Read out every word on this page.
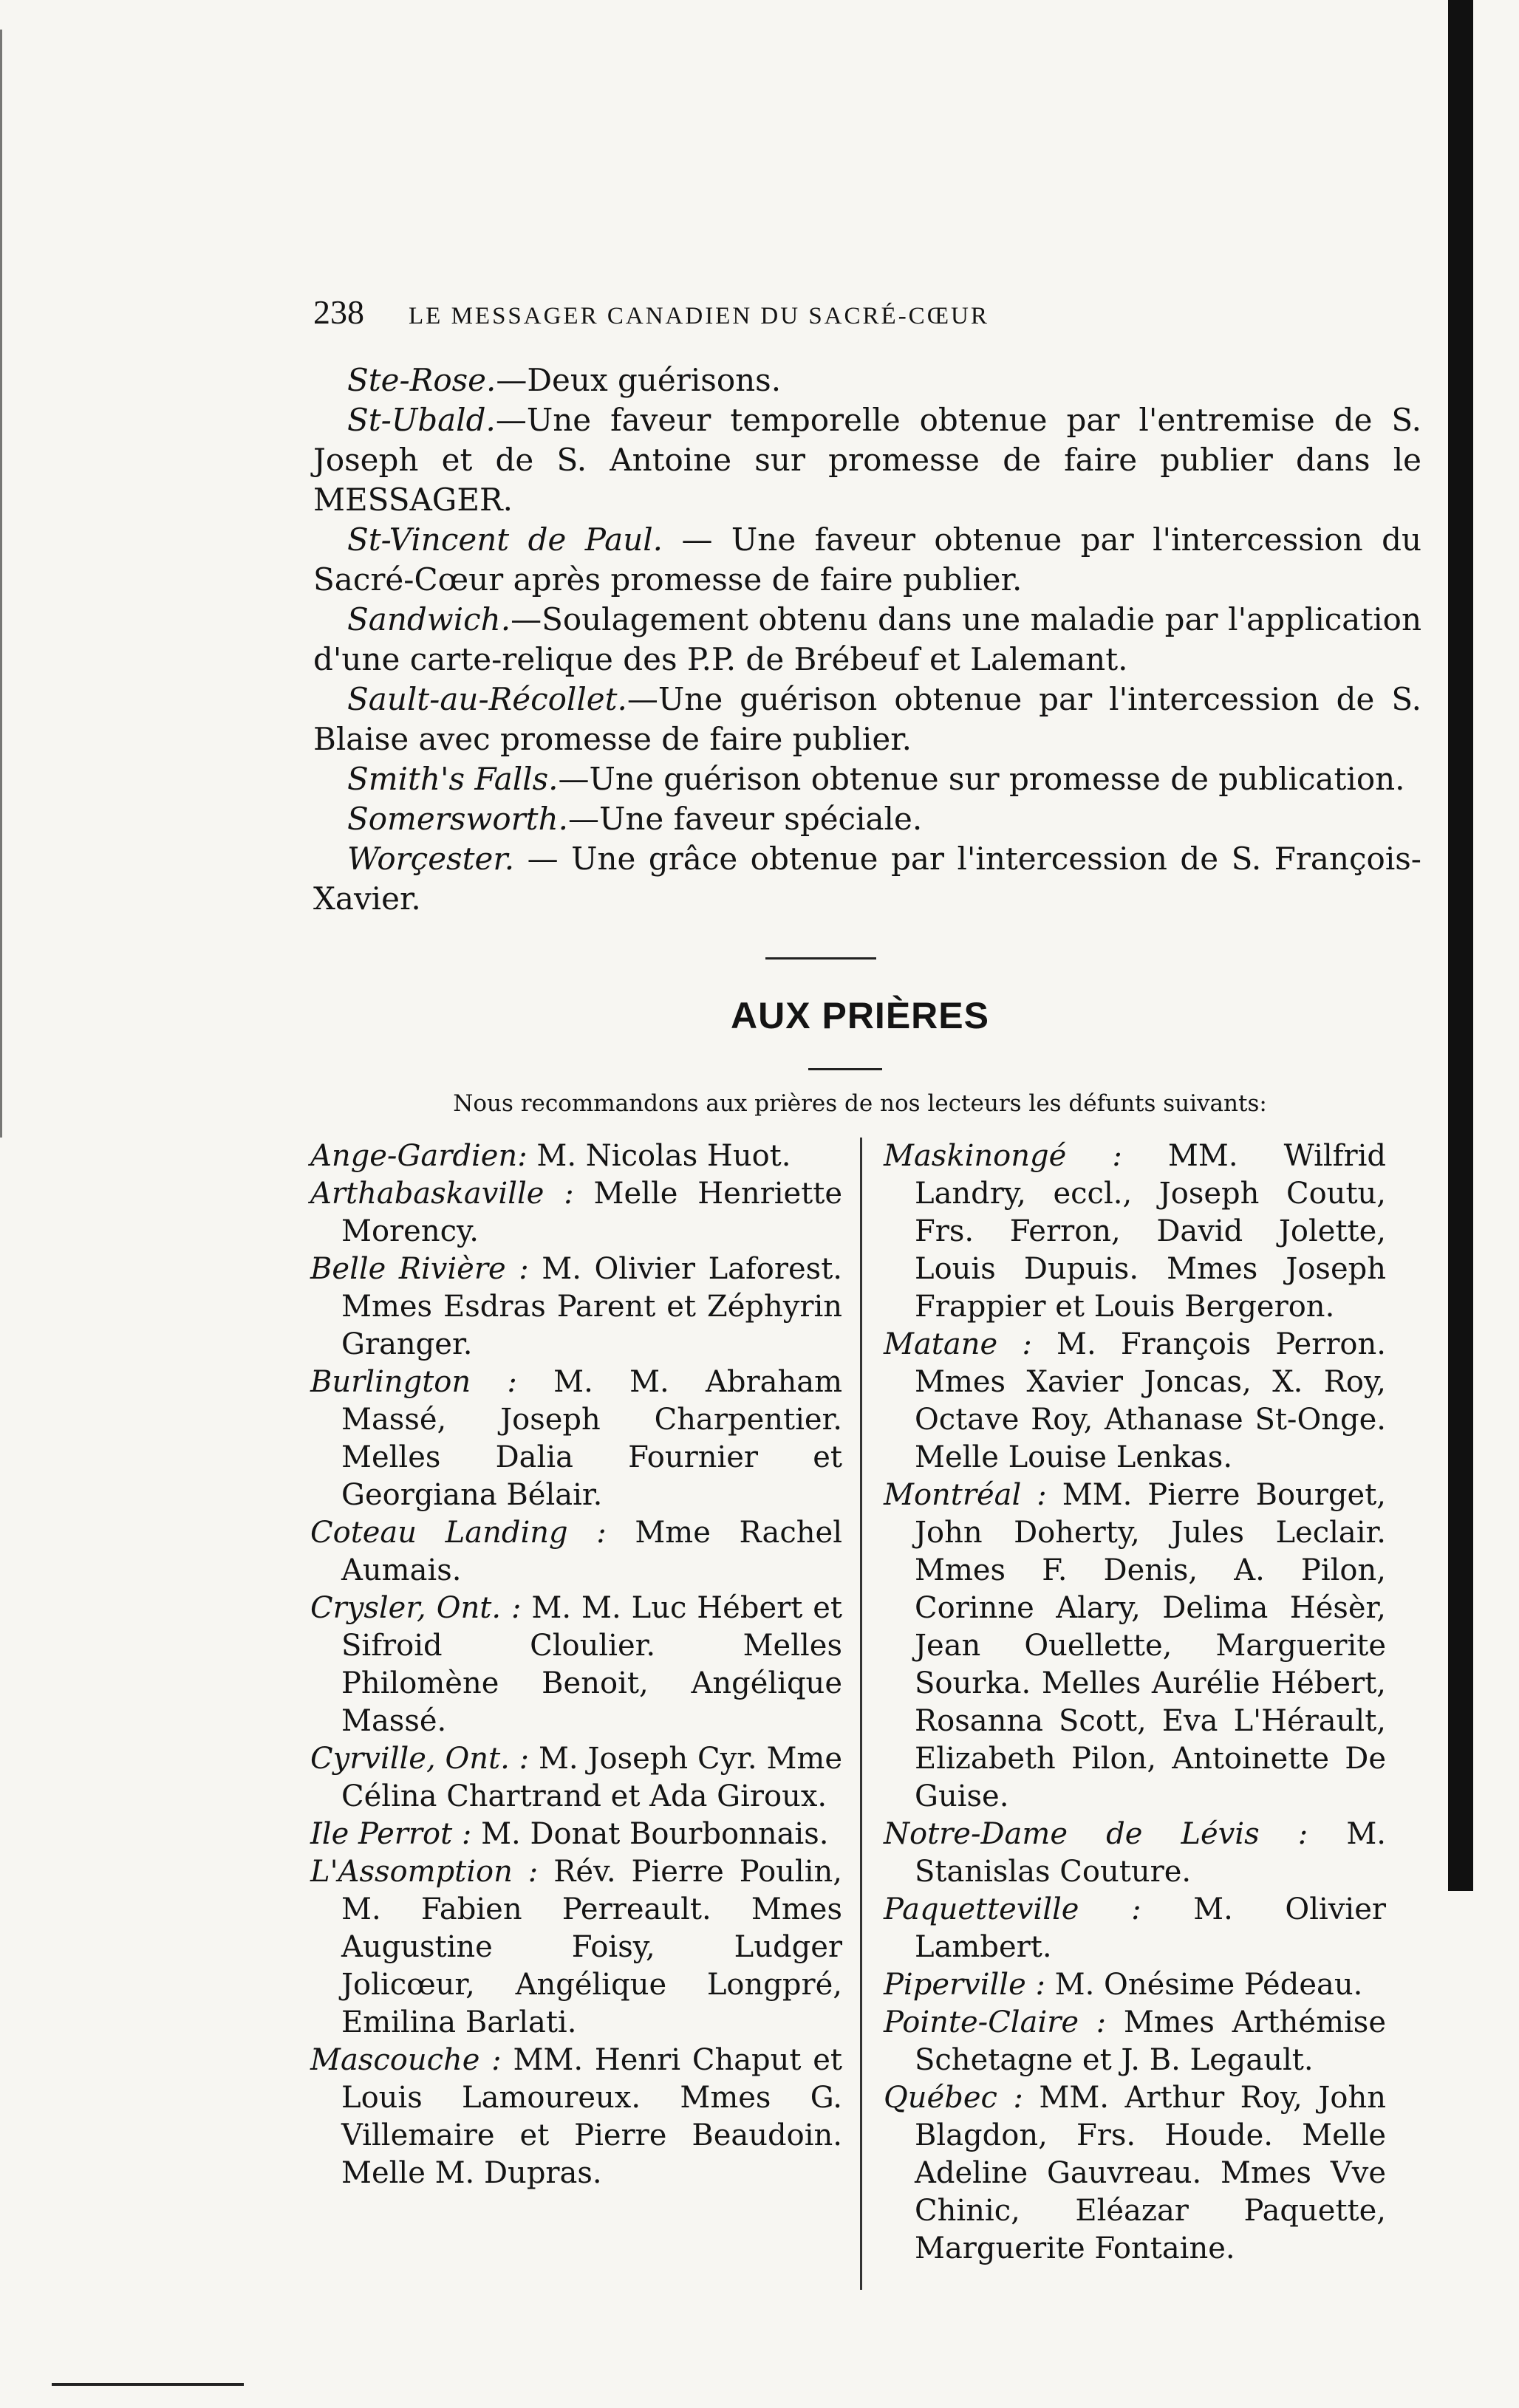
238 LE MESSAGER CANADIEN DU SACRÉ-CŒUR

Ste-Rose.—Deux guérisons.

St-Ubald.—Une faveur temporelle obtenue par l'entremise de S. Joseph et de S. Antoine sur promesse de faire publier dans le MESSAGER.

St-Vincent de Paul. — Une faveur obtenue par l'intercession du Sacré-Cœur après promesse de faire publier.

Sandwich.—Soulagement obtenu dans une maladie par l'application d'une carte-relique des P.P. de Brébeuf et Lalemant.

Sault-au-Récollet.—Une guérison obtenue par l'intercession de S. Blaise avec promesse de faire publier.

Smith's Falls.—Une guérison obtenue sur promesse de publication.

Somersworth.—Une faveur spéciale.

Worçester. — Une grâce obtenue par l'intercession de S. François-Xavier.

AUX PRIÈRES
Nous recommandons aux prières de nos lecteurs les défunts suivants:

Ange-Gardien: M. Nicolas Huot.

Arthabaskaville : Melle Henriette Morency.

Belle Rivière : M. Olivier Laforest. Mmes Esdras Parent et Zéphyrin Granger.

Burlington : M. M. Abraham Massé, Joseph Charpentier. Melles Dalia Fournier et Georgiana Bélair.

Coteau Landing : Mme Rachel Aumais.

Crysler, Ont. : M. M. Luc Hébert et Sifroid Cloulier. Melles Philomène Benoit, Angélique Massé.

Cyrville, Ont. : M. Joseph Cyr. Mme Célina Chartrand et Ada Giroux.

Ile Perrot : M. Donat Bourbonnais.

L'Assomption : Rév. Pierre Poulin, M. Fabien Perreault. Mmes Augustine Foisy, Ludger Jolicœur, Angélique Longpré, Emilina Barlati.

Mascouche : MM. Henri Chaput et Louis Lamoureux. Mmes G. Villemaire et Pierre Beaudoin. Melle M. Dupras.

Maskinongé : MM. Wilfrid Landry, eccl., Joseph Coutu, Frs. Ferron, David Jolette, Louis Dupuis. Mmes Joseph Frappier et Louis Bergeron.

Matane : M. François Perron. Mmes Xavier Joncas, X. Roy, Octave Roy, Athanase St-Onge. Melle Louise Lenkas.

Montréal : MM. Pierre Bourget, John Doherty, Jules Leclair. Mmes F. Denis, A. Pilon, Corinne Alary, Delima Hésèr, Jean Ouellette, Marguerite Sourka. Melles Aurélie Hébert, Rosanna Scott, Eva L'Hérault, Elizabeth Pilon, Antoinette De Guise.

Notre-Dame de Lévis : M. Stanislas Couture.

Paquetteville : M. Olivier Lambert.

Piperville : M. Onésime Pédeau.

Pointe-Claire : Mmes Arthémise Schetagne et J. B. Legault.

Québec : MM. Arthur Roy, John Blagdon, Frs. Houde. Melle Adeline Gauvreau. Mmes Vve Chinic, Eléazar Paquette, Marguerite Fontaine.
